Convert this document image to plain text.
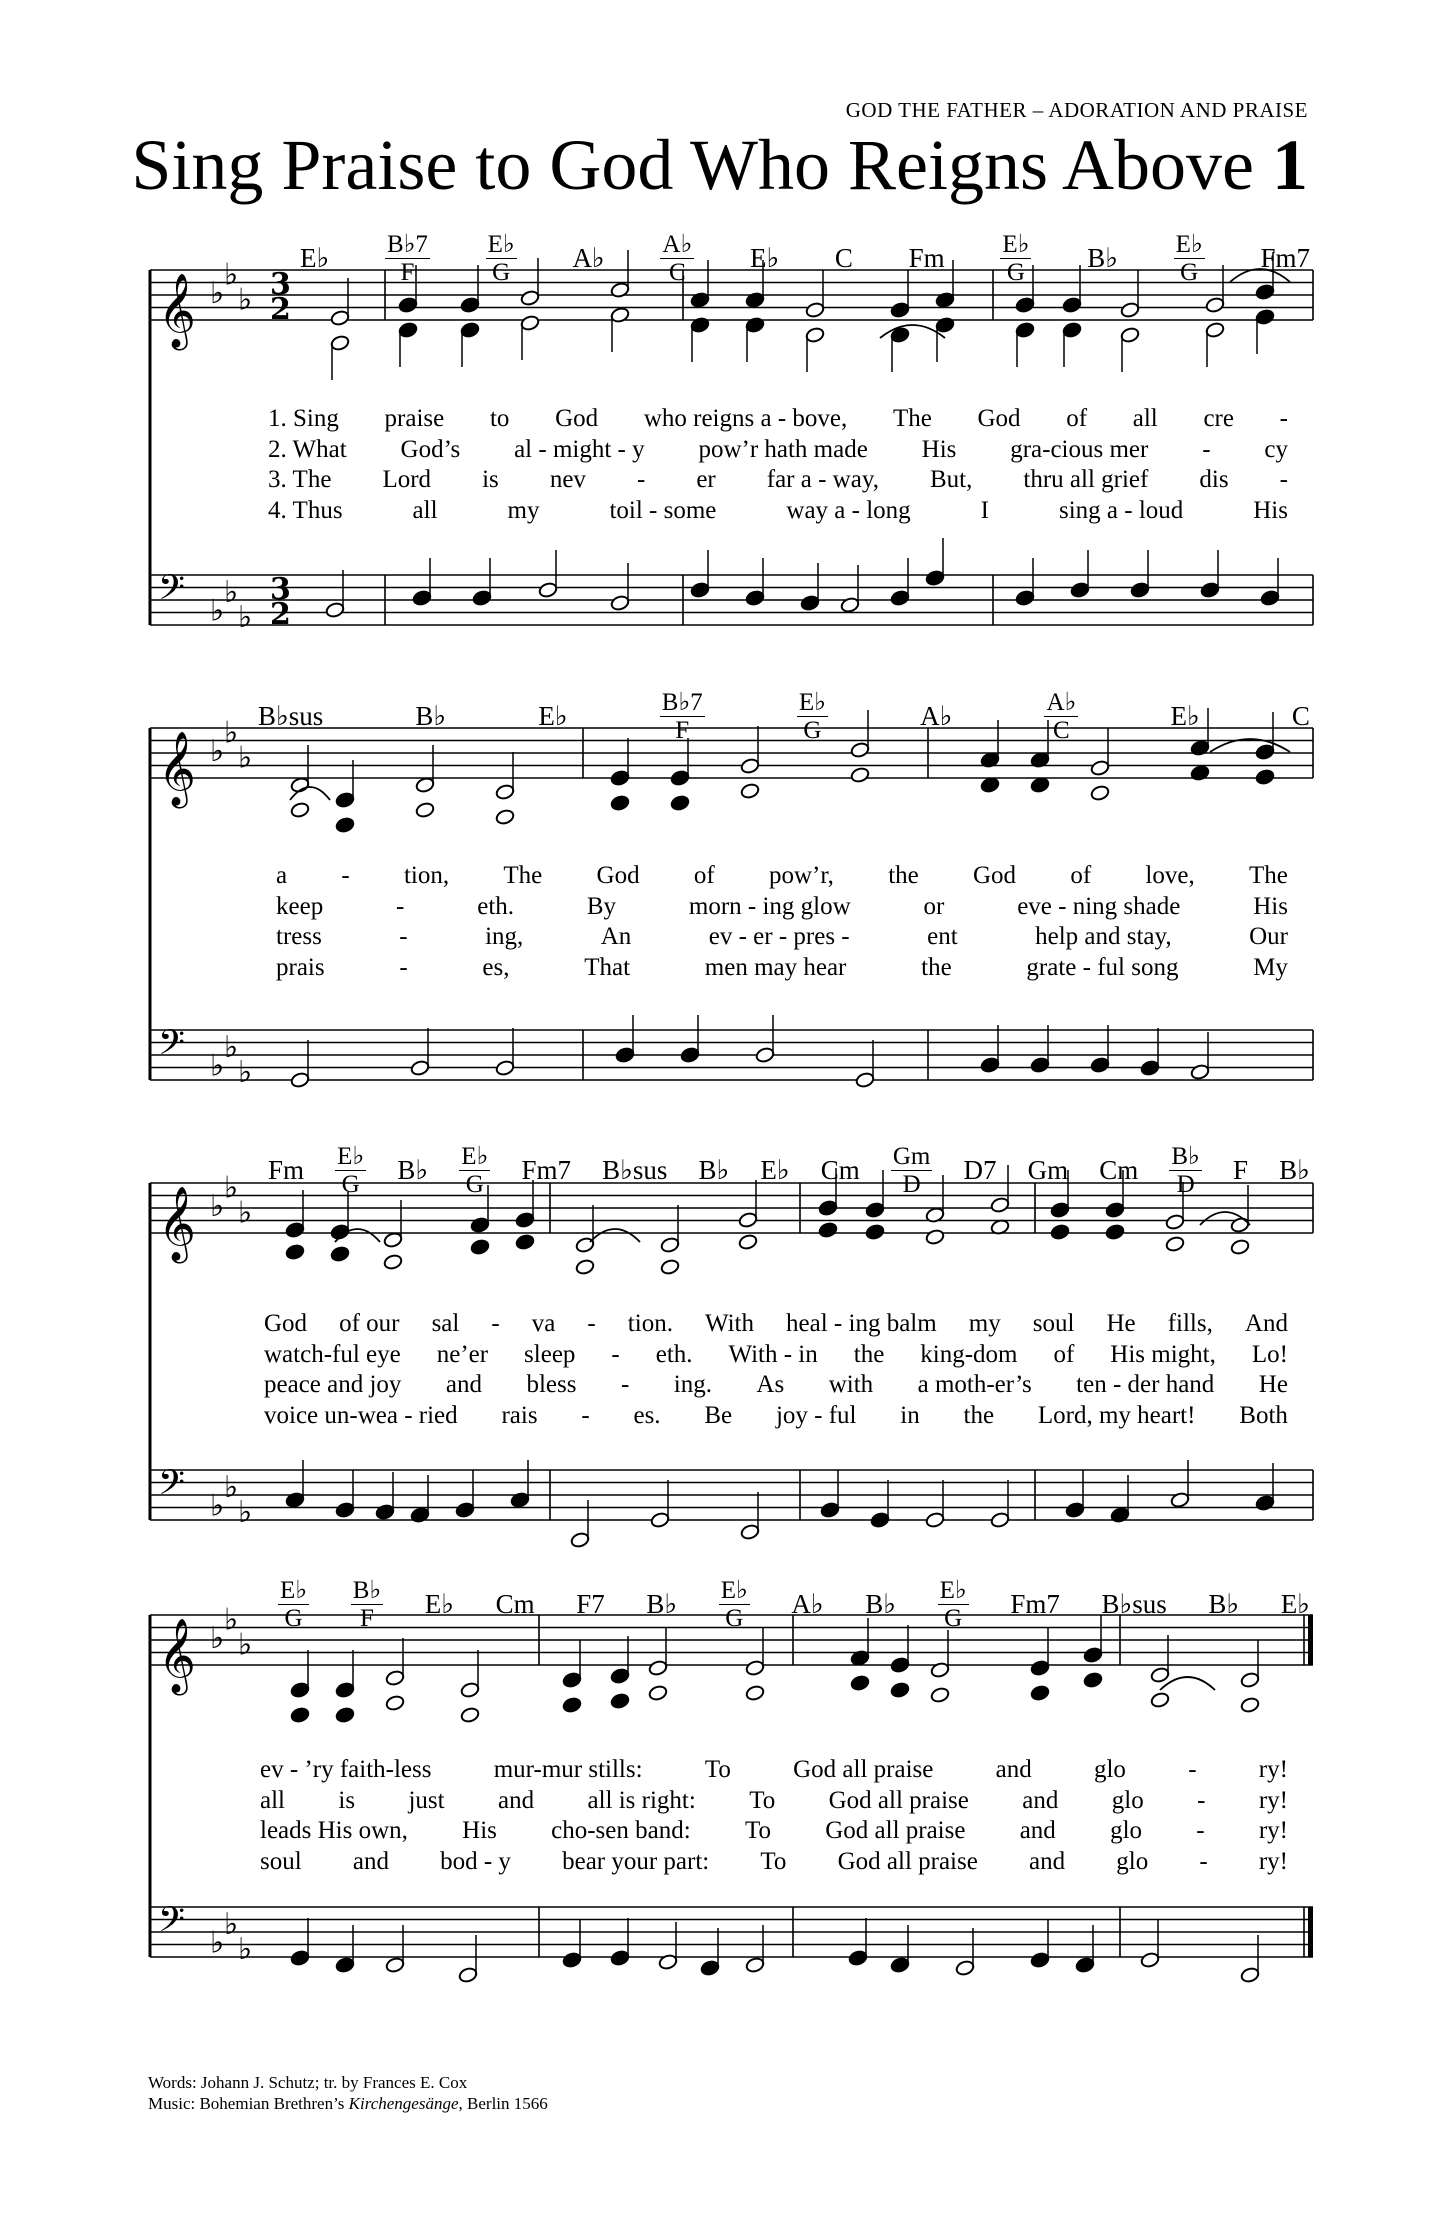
GOD THE FATHER – ADORATION AND PRAISE
Sing Praise to God Who Reigns Above 1
𝄞
𝄢
♭
♭
♭
♭
♭
♭
3
2
3
2
𝄞
𝄢
♭
♭
♭
♭
♭
♭
𝄞
𝄢
♭
♭
♭
♭
♭
♭
𝄞
𝄢
♭
♭
♭
♭
♭
♭
E♭ $\frac{B♭7}{F} \frac{E♭}{G}$ A♭ $\frac{A♭}{C}$ E♭ C Fm $\frac{E♭}{G}$ B♭ $\frac{E♭}{G} Fm7$
B♭sus	B♭	E♭	$\frac{B♭7}{F}$	$\frac{E♭}{G}$	A♭	$\frac{A♭}{C}$	E♭	C
Fm $\frac{E♭}{G}$ B♭ $\frac{E♭}{G} Fm7$ B♭sus B♭ E♭ Cm $\frac{Gm}{D} D7$ Gm Cm $\frac{B♭}{D}$ F B♭
$\frac{E♭}{G} \frac{B♭}{F}$ E♭ Cm F7 B♭ $\frac{E♭}{G}$ A♭ B♭ $\frac{E♭}{G} Fm7$ B♭sus B♭ E♭
1. Sing praise to God who reigns a - bove, The God of all cre -
2. What God’s al - might - y pow’r hath made His gra-cious mer - cy
3. The Lord is nev - er far a - way, But, thru all grief dis -
4. Thus	all	my	toil - some	way a - long	I	sing a - loud	His
a - tion, The God of pow’r, the God of love, The
keep	-	eth.	By	morn - ing glow	or	eve - ning shade	His
tress	-	ing,	An	ev - er - pres -	ent	help and stay,	Our
prais	-	es,	That	men may hear	the	grate - ful song	My
God of our sal - va - tion. With heal - ing balm my soul He fills, And
watch-ful eye ne’er sleep - eth. With - in the king-dom of His might, Lo!
peace and joy and bless - ing. As with a moth-er’s ten - der hand He
voice un-wea - ried rais - es. Be joy - ful in the Lord, my heart! Both
ev - ’ry faith-less mur-mur stills: To God all praise and glo - ry!
all is just and all is right: To God all praise and glo - ry!
leads His own, His cho-sen band: To God all praise and glo - ry!
soul and bod - y bear your part: To God all praise and glo - ry!
Words: Johann J. Schutz; tr. by Frances E. Cox
Music: Bohemian Brethren’s Kirchengesänge, Berlin 1566
